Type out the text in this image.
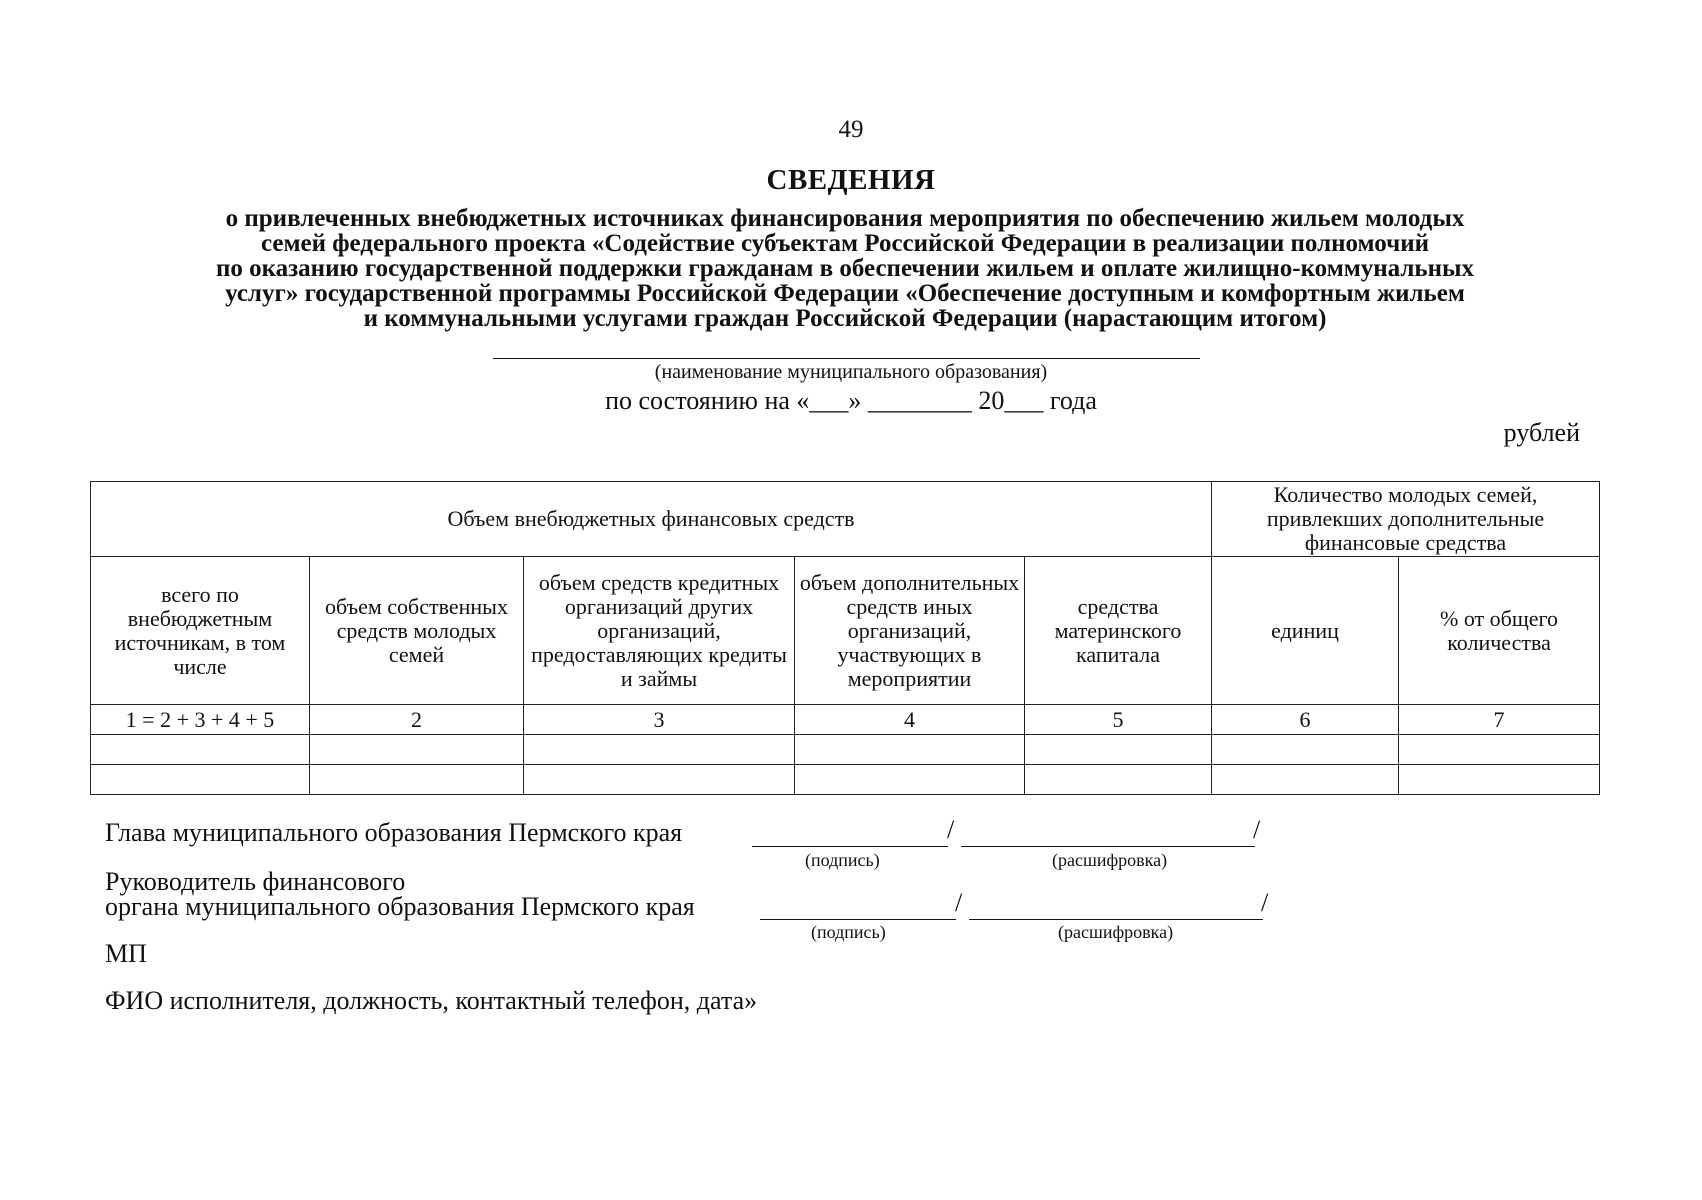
49
СВЕДЕНИЯ
о привлеченных внебюджетных источниках финансирования мероприятия по обеспечению жильем молодых
семей федерального проекта «Содействие субъектам Российской Федерации в реализации полномочий
по оказанию государственной поддержки гражданам в обеспечении жильем и оплате жилищно-коммунальных
услуг» государственной программы Российской Федерации «Обеспечение доступным и комфортным жильем
и коммунальными услугами граждан Российской Федерации (нарастающим итогом)
(наименование муниципального образования)
по состоянию на «___» ________ 20___ года
рублей
Объем внебюджетных финансовых средств					Количество молодых семей, привлекших дополнительные финансовые средства	
всего по внебюджетным источникам, в том числе	объем собственных средств молодых семей	объем средств кредитных организаций других организаций, предоставляющих кредиты и займы	объем дополнительных средств иных организаций, участвующих в мероприятии	средства материнского капитала	единиц	% от общего количества
1 = 2 + 3 + 4 + 5	2	3	4	5	6	7

Глава муниципального образования Пермского края	/	/
(подпись)	(расшифровка)
Руководитель финансового
органа муниципального образования Пермского края	/	/
(подпись)	(расшифровка)
МП
ФИО исполнителя, должность, контактный телефон, дата»
